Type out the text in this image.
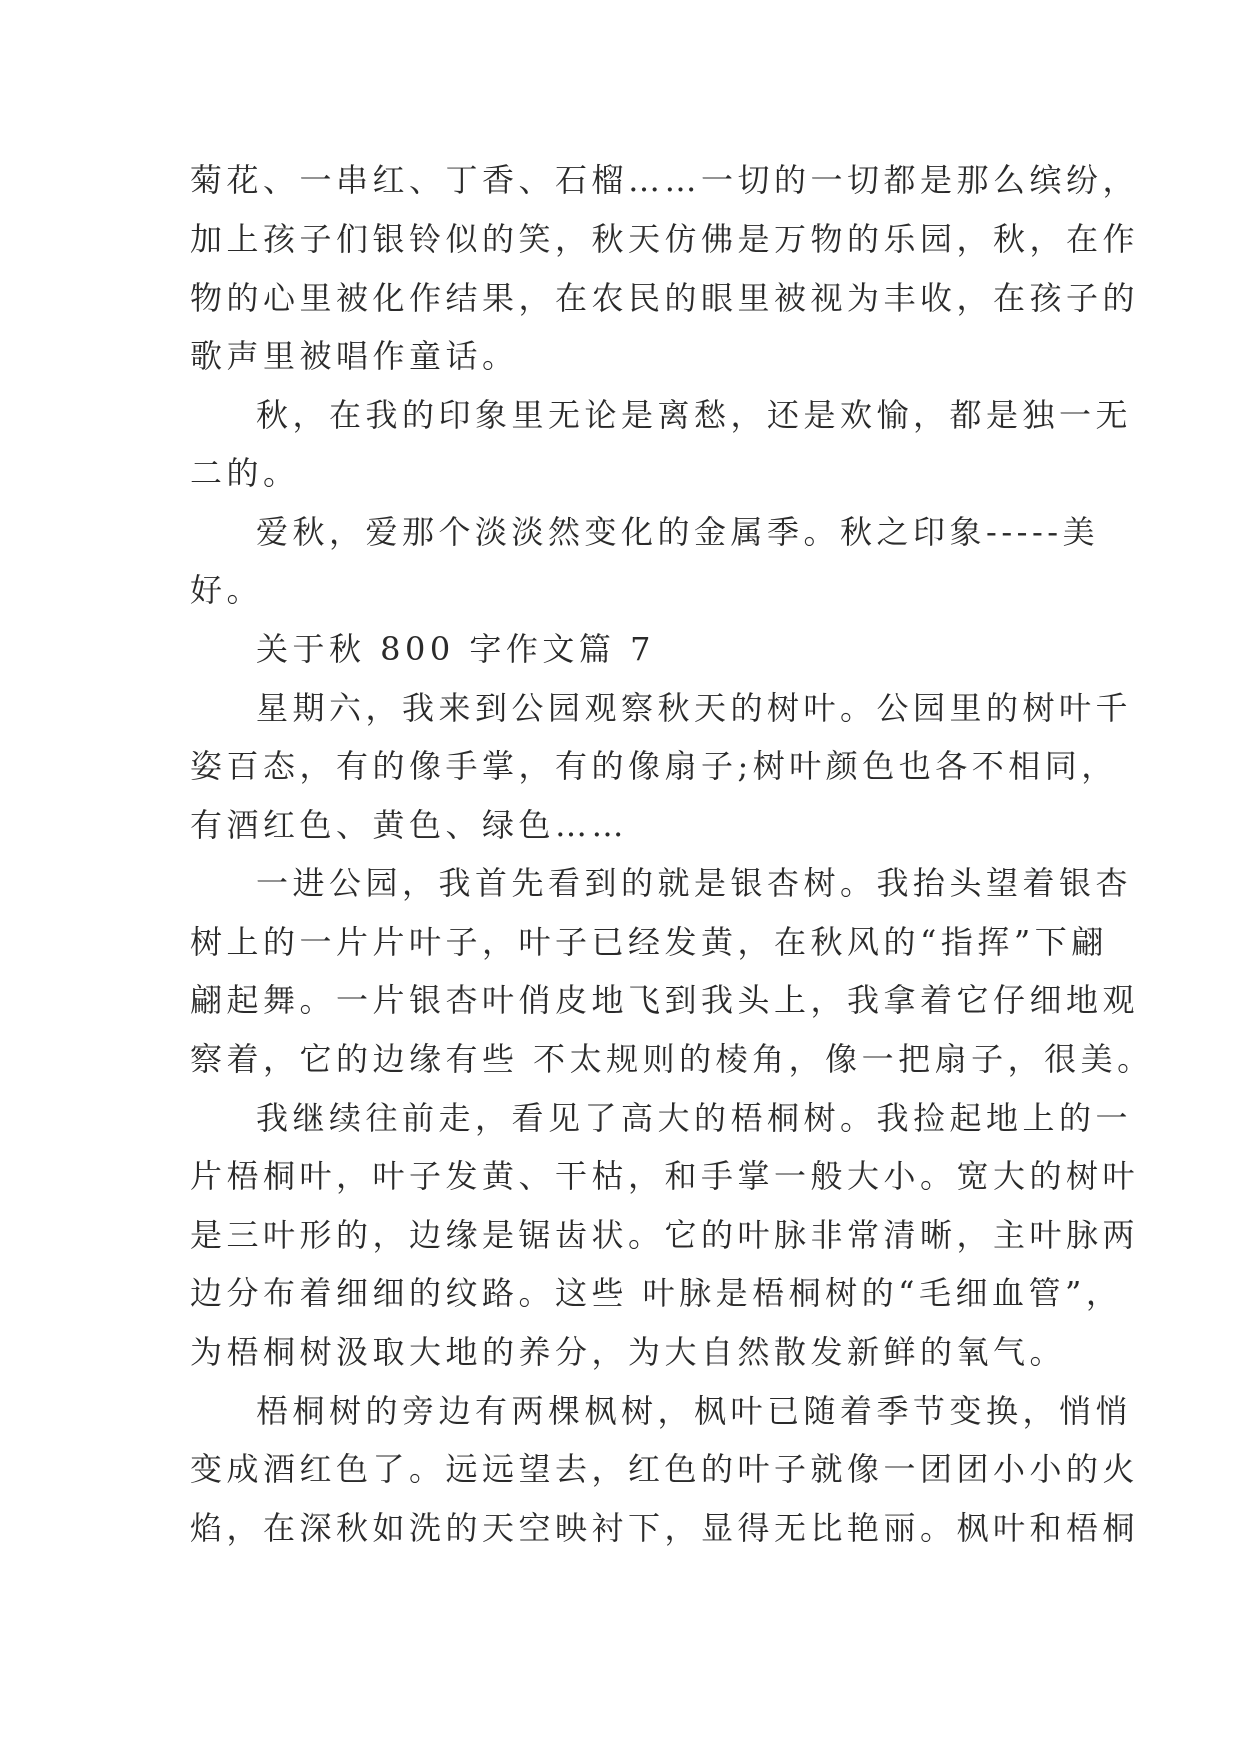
菊花、一串红、丁香、石榴……一切的一切都是那么缤纷，
加上孩子们银铃似的笑，秋天仿佛是万物的乐园，秋，在作
物的心里被化作结果，在农民的眼里被视为丰收，在孩子的
歌声里被唱作童话。
秋，在我的印象里无论是离愁，还是欢愉，都是独一无
二的。
爱秋，爱那个淡淡然变化的金属季。秋之印象-----美
好。
关于秋 800 字作文篇 7
星期六，我来到公园观察秋天的树叶。公园里的树叶千
姿百态，有的像手掌，有的像扇子;树叶颜色也各不相同，
有酒红色、黄色、绿色……
一进公园，我首先看到的就是银杏树。我抬头望着银杏
树上的一片片叶子，叶子已经发黄，在秋风的“指挥”下翩
翩起舞。一片银杏叶俏皮地飞到我头上，我拿着它仔细地观
察着，它的边缘有些 不太规则的棱角，像一把扇子，很美。
我继续往前走，看见了高大的梧桐树。我捡起地上的一
片梧桐叶，叶子发黄、干枯，和手掌一般大小。宽大的树叶
是三叶形的，边缘是锯齿状。它的叶脉非常清晰，主叶脉两
边分布着细细的纹路。这些 叶脉是梧桐树的“毛细血管”，
为梧桐树汲取大地的养分，为大自然散发新鲜的氧气。
梧桐树的旁边有两棵枫树，枫叶已随着季节变换，悄悄
变成酒红色了。远远望去，红色的叶子就像一团团小小的火
焰，在深秋如洗的天空映衬下，显得无比艳丽。枫叶和梧桐
